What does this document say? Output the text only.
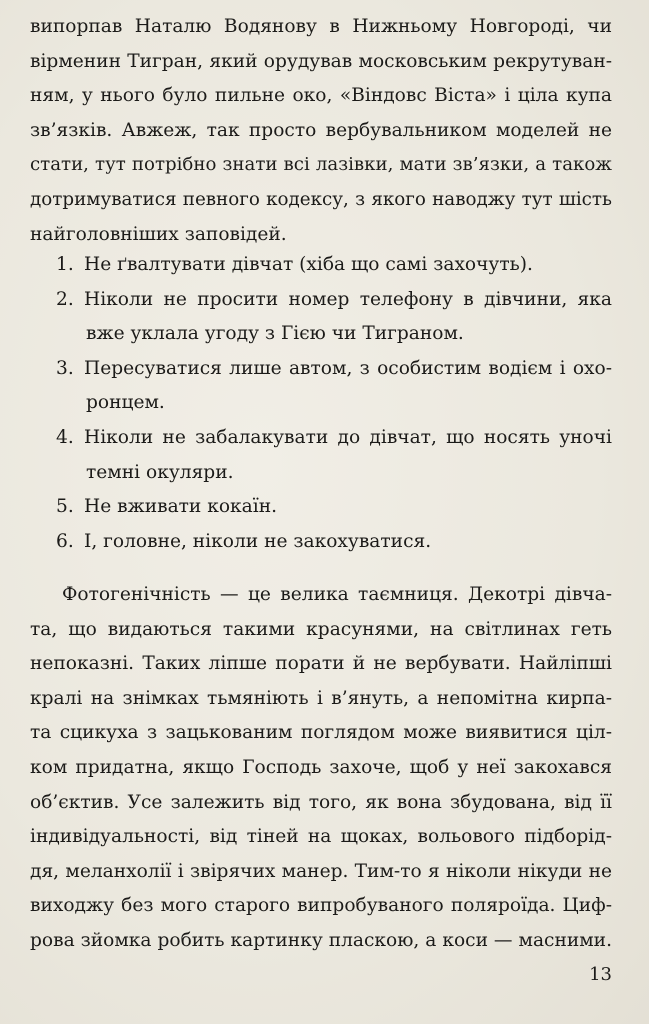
випорпав Наталю Водянову в Нижньому Новгороді, чи
вірменин Тигран, який орудував московським рекрутуван-
ням, у нього було пильне око, «Віндовс Віста» і ціла купа
зв’язків. Авжеж, так просто вербувальником моделей не
стати, тут потрібно знати всі лазівки, мати зв’язки, а також
дотримуватися певного кодексу, з якого наводжу тут шість
найголовніших заповідей.
1. Не ґвалтувати дівчат (хіба що самі захочуть).
2. Ніколи не просити номер телефону в дівчини, яка
вже уклала угоду з Гією чи Тиграном.
3. Пересуватися лише автом, з особистим водієм і охо-
ронцем.
4. Ніколи не забалакувати до дівчат, що носять уночі
темні окуляри.
5. Не вживати кокаїн.
6. І, головне, ніколи не закохуватися.
Фотогенічність — це велика таємниця. Декотрі дівча-
та, що видаються такими красунями, на світлинах геть
непоказні. Таких ліпше порати й не вербувати. Найліпші
кралі на знімках тьмяніють і в’януть, а непомітна кирпа-
та сцикуха з зацькованим поглядом може виявитися ціл-
ком придатна, якщо Господь захоче, щоб у неї закохався
об’єктив. Усе залежить від того, як вона збудована, від її
індивідуальності, від тіней на щоках, вольового підборід-
дя, меланхолії і звірячих манер. Тим-то я ніколи нікуди не
виходжу без мого старого випробуваного поляроїда. Циф-
рова зйомка робить картинку пласкою, а коси — масними.
13
